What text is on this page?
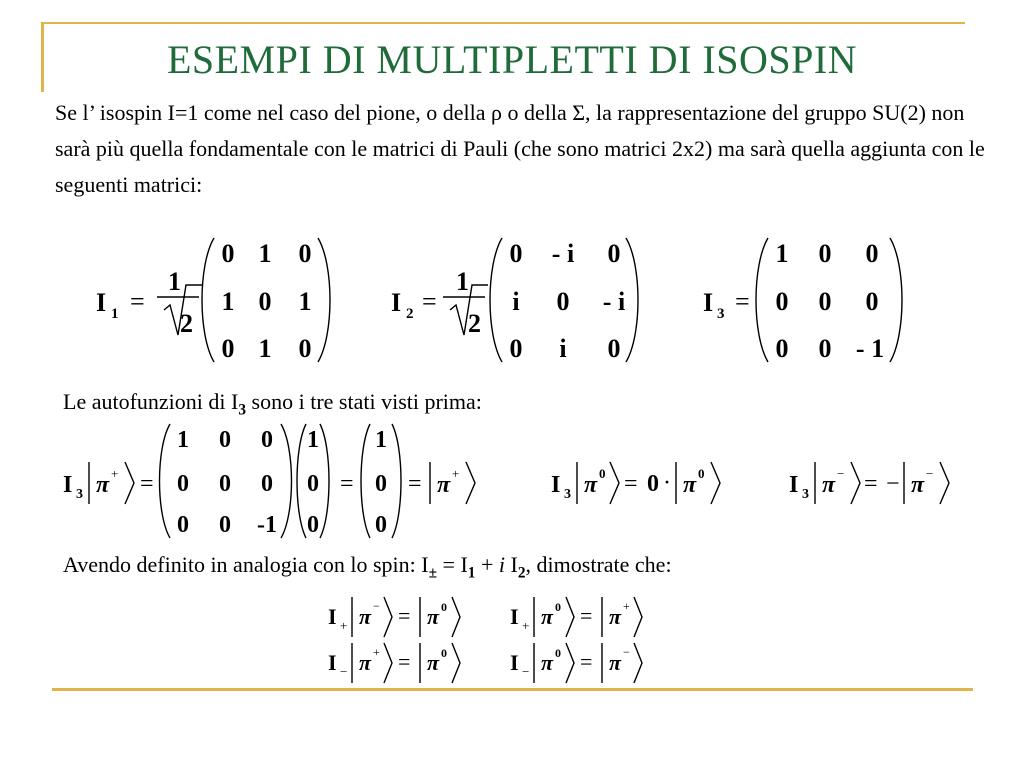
ESEMPI DI MULTIPLETTI DI ISOSPIN
Se l’ isospin I=1 come nel caso del pione, o della ρ o della Σ, la rappresentazione del gruppo SU(2) non sarà più quella fondamentale con le matrici di Pauli (che sono matrici 2x2) ma sarà quella aggiunta con le seguenti matrici:
Le autofunzioni di $I_3$ sono i tre stati visti prima:
Avendo definito in analogia con lo spin: $I_\pm = I_1 + i$ $I_2$, dimostrate che:
I 1 =
1
2
0 1 0
1 0 1
0 1 0
I 2 =
1
2
0 - i 0
i 0 - i
0 i 0
I 3 =
1 0 0
0 0 0
0 0 - 1
I 3 π + =
1 0 0
0 0 0
0 0 -1
1
0
0
=
1
0
0
= π +	I 3 π 0 = 0 · π 0	I 3 π − = − π −
I + π − = π 0	I + π 0 = π +
I − π + = π 0	I − π 0 = π −
